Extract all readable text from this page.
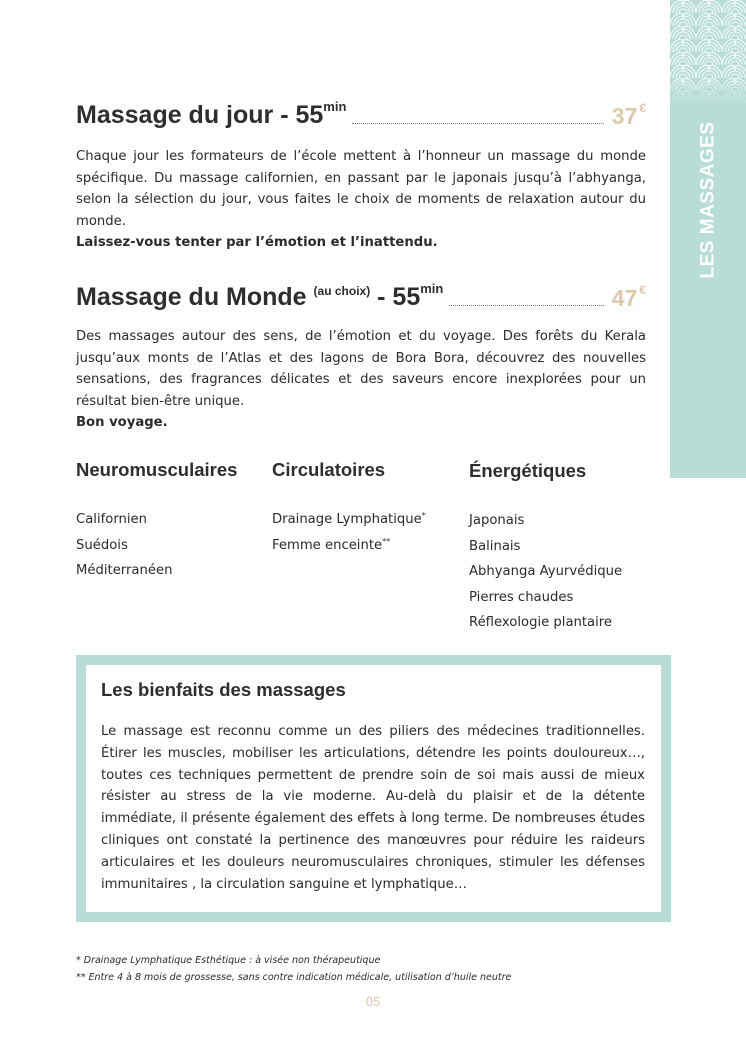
LES MASSAGES
Massage du jour - $55^{min}$	37 €

Chaque jour les formateurs de l’école mettent à l’honneur un massage du monde spécifique. Du massage californien, en passant par le japonais jusqu’à l’abhyanga, selon la sélection du jour, vous faites le choix de moments de relaxation autour du monde.
Laissez-vous tenter par l’émotion et l’inattendu.

Massage du Monde $^{(au choix)} - 55^{min}$	47 €

Des massages autour des sens, de l’émotion et du voyage. Des forêts du Kerala jusqu’aux monts de l’Atlas et des lagons de Bora Bora, découvrez des nouvelles sensations, des fragrances délicates et des saveurs encore inexplorées pour un résultat bien-être unique.
Bon voyage.

Neuromusculaires
Californien
Suédois
Méditerranéen
Circulatoires
Drainage Lymphatique*
Femme enceinte**
Énergétiques
Japonais
Balinais
Abhyanga Ayurvédique
Pierres chaudes
Réflexologie plantaire
Les bienfaits des massages

Le massage est reconnu comme un des piliers des médecines traditionnelles. Étirer les muscles, mobiliser les articulations, détendre les points douloureux…, toutes ces techniques permettent de prendre soin de soi mais aussi de mieux résister au stress de la vie moderne. Au-delà du plaisir et de la détente immédiate, il présente également des effets à long terme. De nombreuses études cliniques ont constaté la pertinence des manœuvres pour réduire les raideurs articulaires et les douleurs neuromusculaires chroniques, stimuler les défenses immunitaires , la circulation sanguine et lymphatique…

* Drainage Lymphatique Esthétique : à visée non thérapeutique
** Entre 4 à 8 mois de grossesse, sans contre indication médicale, utilisation d’huile neutre
05
